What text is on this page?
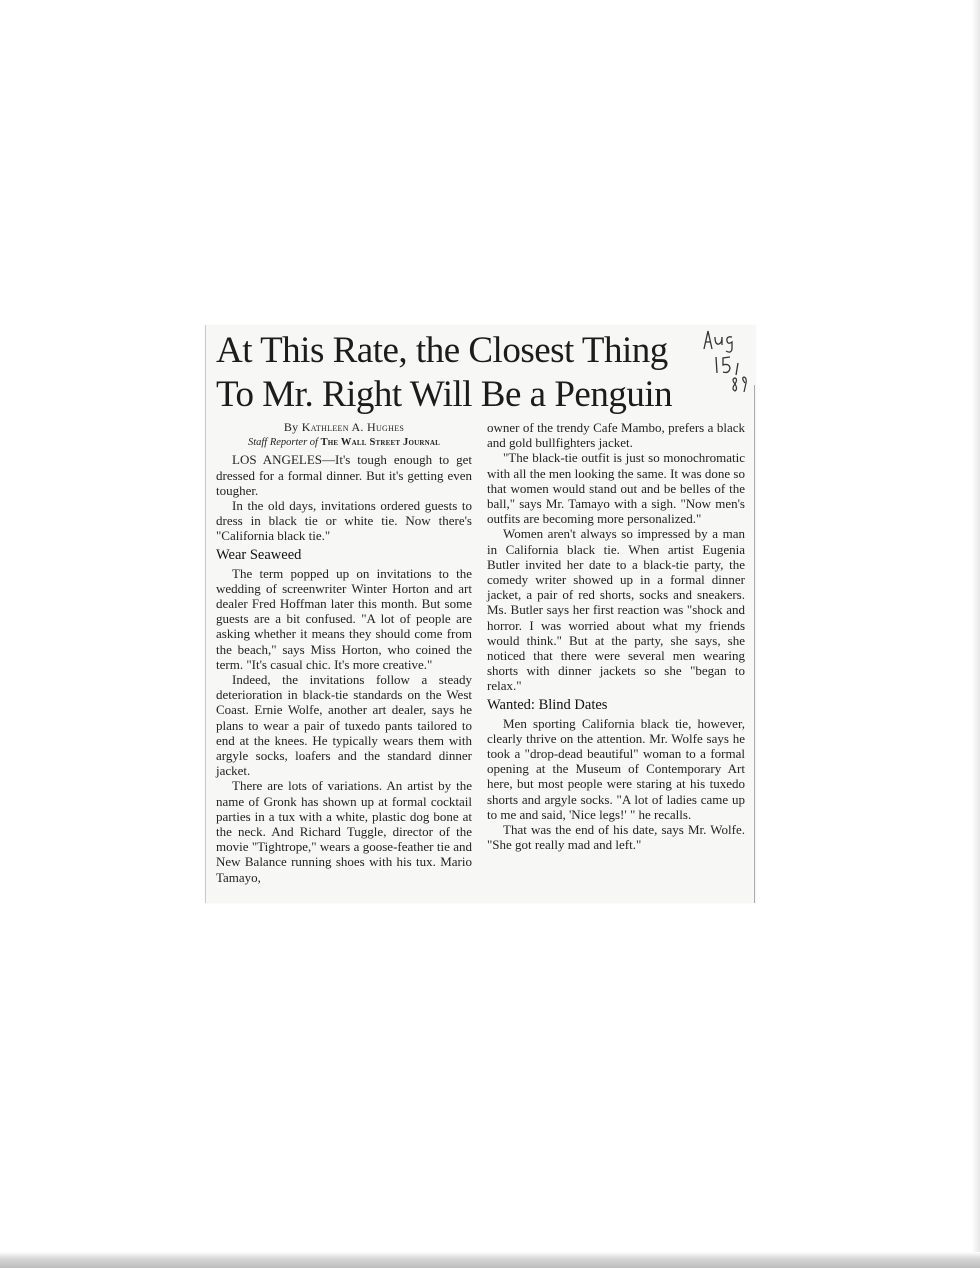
At This Rate, the Closest Thing
To Mr. Right Will Be a Penguin

By Kathleen A. Hughes

Staff Reporter of The Wall Street Journal

LOS ANGELES—It's tough enough to get dressed for a formal dinner. But it's getting even tougher.

In the old days, invitations ordered guests to dress in black tie or white tie. Now there's "California black tie."

Wear Seaweed

The term popped up on invitations to the wedding of screenwriter Winter Horton and art dealer Fred Hoffman later this month. But some guests are a bit confused. "A lot of people are asking whether it means they should come from the beach," says Miss Horton, who coined the term. "It's casual chic. It's more creative."

Indeed, the invitations follow a steady deterioration in black-tie standards on the West Coast. Ernie Wolfe, another art dealer, says he plans to wear a pair of tuxedo pants tailored to end at the knees. He typically wears them with argyle socks, loafers and the standard dinner jacket.

There are lots of variations. An artist by the name of Gronk has shown up at formal cocktail parties in a tux with a white, plastic dog bone at the neck. And Richard Tuggle, director of the movie "Tightrope," wears a goose-feather tie and New Balance running shoes with his tux. Mario Tamayo,

owner of the trendy Cafe Mambo, prefers a black and gold bullfighters jacket.

"The black-tie outfit is just so monochromatic with all the men looking the same. It was done so that women would stand out and be belles of the ball," says Mr. Tamayo with a sigh. "Now men's outfits are becoming more personalized."

Women aren't always so impressed by a man in California black tie. When artist Eugenia Butler invited her date to a black-tie party, the comedy writer showed up in a formal dinner jacket, a pair of red shorts, socks and sneakers. Ms. Butler says her first reaction was "shock and horror. I was worried about what my friends would think." But at the party, she says, she noticed that there were several men wearing shorts with dinner jackets so she "began to relax."

Wanted: Blind Dates

Men sporting California black tie, however, clearly thrive on the attention. Mr. Wolfe says he took a "drop-dead beautiful" woman to a formal opening at the Museum of Contemporary Art here, but most people were staring at his tuxedo shorts and argyle socks. "A lot of ladies came up to me and said, 'Nice legs!' " he recalls.

That was the end of his date, says Mr. Wolfe. "She got really mad and left."
